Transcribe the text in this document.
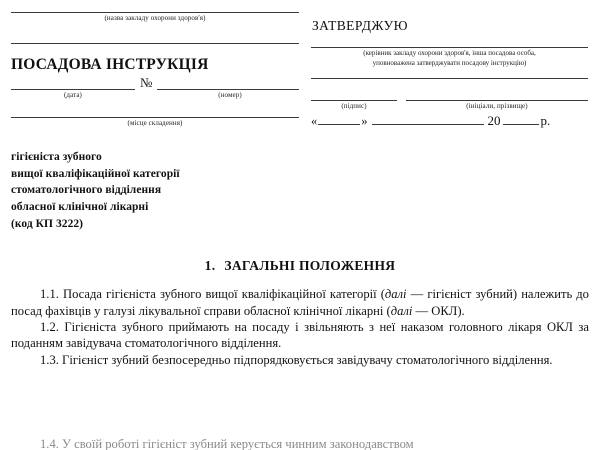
(назва закладу охорони здоров'я)
ПОСАДОВА ІНСТРУКЦІЯ
№
(дата)	(номер)
(місце складення)
ЗАТВЕРДЖУЮ
(керівник закладу охорони здоров'я, інша посадова особа,
уповноважена затверджувати посадову інструкцію)
(підпис)	(ініціали, прізвище)
«	»	20	р.
гігієніста зубного
вищої кваліфікаційної категорії
стоматологічного відділення
обласної клінічної лікарні
(код КП 3222)
1. ЗАГАЛЬНІ ПОЛОЖЕННЯ

1.1. Посада гігієніста зубного вищої кваліфікаційної категорії (далі — гігієніст зубний) належить до посад фахівців у галузі лікувальної справи обласної клінічної лікарні (далі — ОКЛ).

1.2. Гігієніста зубного приймають на посаду і звільняють з неї наказом головного лікаря ОКЛ за поданням завідувача стоматологічного відділення.

1.3. Гігієніст зубний безпосередньо підпорядковується завідувачу стоматологічного відділення.

1.4. У своїй роботі гігієніст зубний керується чинним законодавством
